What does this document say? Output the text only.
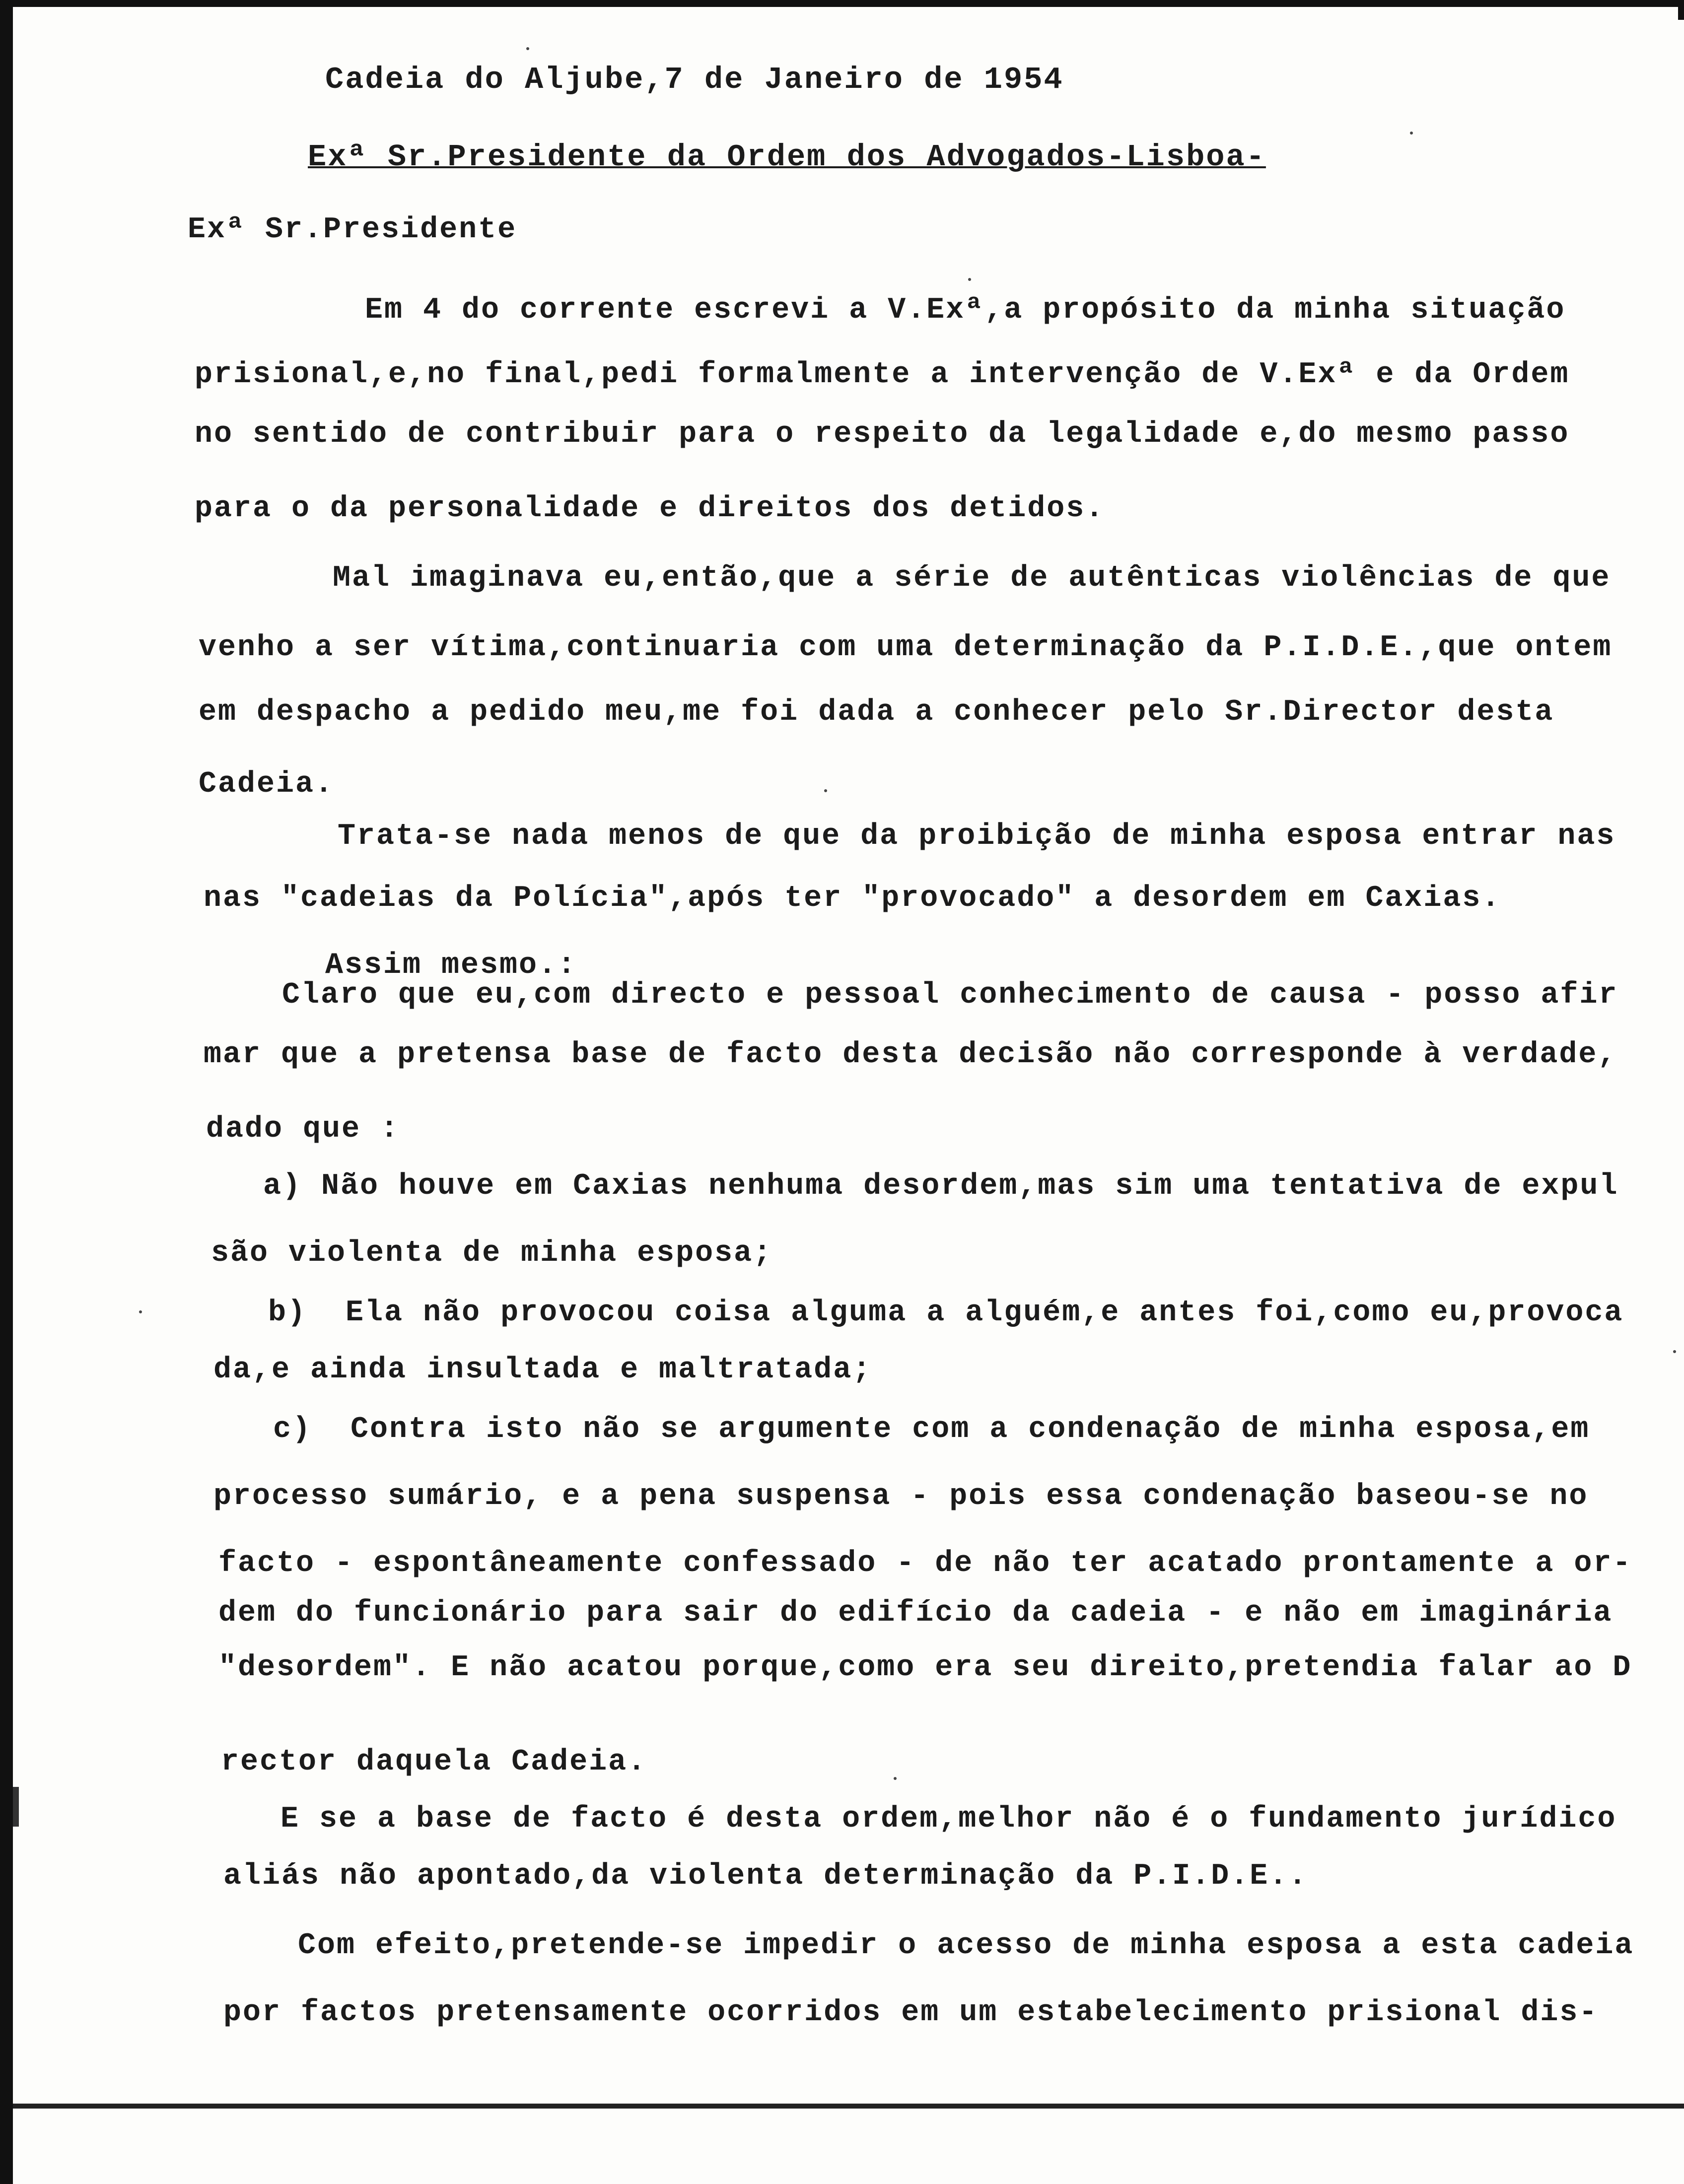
Cadeia do Aljube,7 de Janeiro de 1954
Exª Sr.Presidente da Ordem dos Advogados-Lisboa-
Exª Sr.Presidente
Em 4 do corrente escrevi a V.Exª,a propósito da minha situação
prisional,e,no final,pedi formalmente a intervenção de V.Exª e da Ordem
no sentido de contribuir para o respeito da legalidade e,do mesmo passo
para o da personalidade e direitos dos detidos.
Mal imaginava eu,então,que a série de autênticas violências de que
venho a ser vítima,continuaria com uma determinação da P.I.D.E.,que ontem
em despacho a pedido meu,me foi dada a conhecer pelo Sr.Director desta
Cadeia.
Trata-se nada menos de que da proibição de minha esposa entrar nas
nas "cadeias da Polícia",após ter "provocado" a desordem em Caxias.
Assim mesmo.:
Claro que eu,com directo e pessoal conhecimento de causa - posso afir
mar que a pretensa base de facto desta decisão não corresponde à verdade,
dado que :
a) Não houve em Caxias nenhuma desordem,mas sim uma tentativa de expul
são violenta de minha esposa;
b)  Ela não provocou coisa alguma a alguém,e antes foi,como eu,provoca
da,e ainda insultada e maltratada;
c)  Contra isto não se argumente com a condenação de minha esposa,em
processo sumário, e a pena suspensa - pois essa condenação baseou-se no
facto - espontâneamente confessado - de não ter acatado prontamente a or-
dem do funcionário para sair do edifício da cadeia - e não em imaginária
"desordem". E não acatou porque,como era seu direito,pretendia falar ao D
rector daquela Cadeia.
E se a base de facto é desta ordem,melhor não é o fundamento jurídico
aliás não apontado,da violenta determinação da P.I.D.E..
Com efeito,pretende-se impedir o acesso de minha esposa a esta cadeia
por factos pretensamente ocorridos em um estabelecimento prisional dis-
